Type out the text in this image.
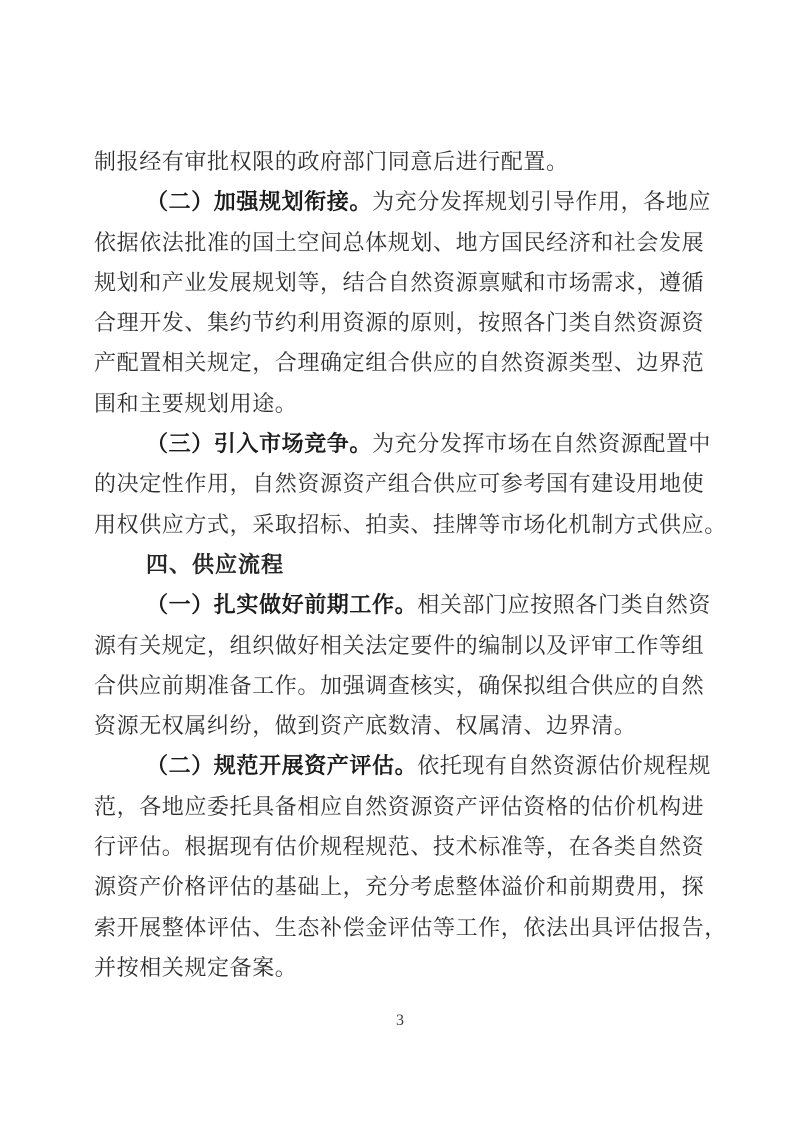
制报经有审批权限的政府部门同意后进行配置。
（二）加强规划衔接。为充分发挥规划引导作用，各地应
依据依法批准的国土空间总体规划、地方国民经济和社会发展
规划和产业发展规划等，结合自然资源禀赋和市场需求，遵循
合理开发、集约节约利用资源的原则，按照各门类自然资源资
产配置相关规定，合理确定组合供应的自然资源类型、边界范
围和主要规划用途。
（三）引入市场竞争。为充分发挥市场在自然资源配置中
的决定性作用，自然资源资产组合供应可参考国有建设用地使
用权供应方式，采取招标、拍卖、挂牌等市场化机制方式供应。
四、供应流程
（一）扎实做好前期工作。相关部门应按照各门类自然资
源有关规定，组织做好相关法定要件的编制以及评审工作等组
合供应前期准备工作。加强调查核实，确保拟组合供应的自然
资源无权属纠纷，做到资产底数清、权属清、边界清。
（二）规范开展资产评估。依托现有自然资源估价规程规
范，各地应委托具备相应自然资源资产评估资格的估价机构进
行评估。根据现有估价规程规范、技术标准等，在各类自然资
源资产价格评估的基础上，充分考虑整体溢价和前期费用，探
索开展整体评估、生态补偿金评估等工作，依法出具评估报告，
并按相关规定备案。
3
